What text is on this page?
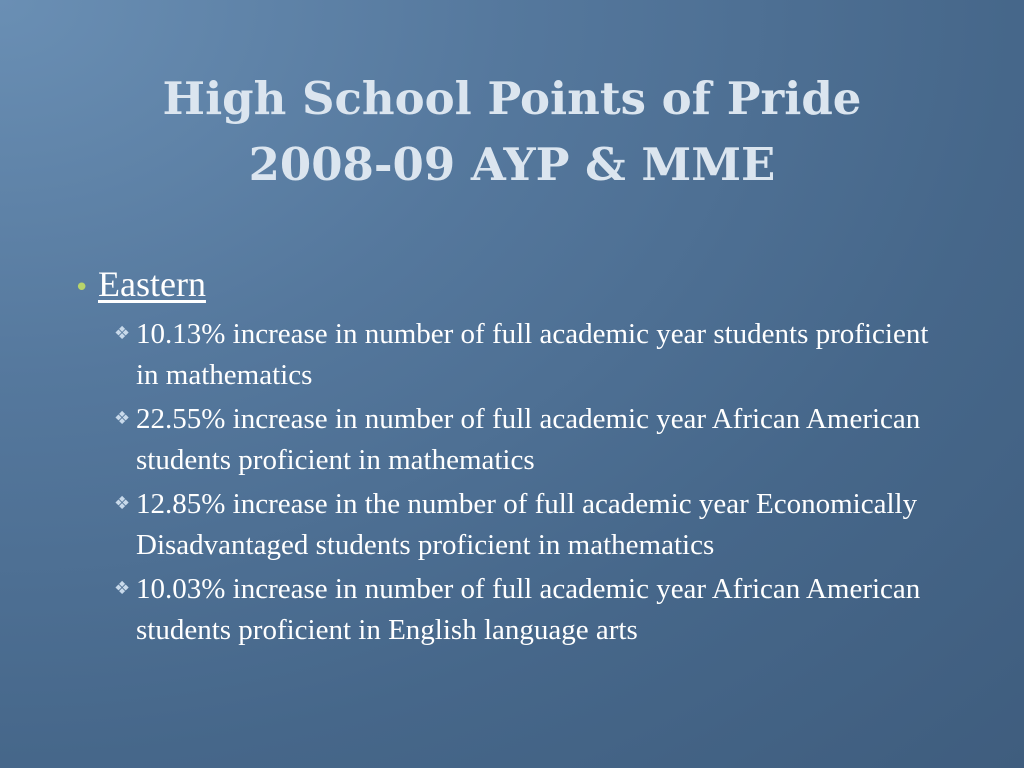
High School Points of Pride
2008-09 AYP & MME
• Eastern
❖ 10.13% increase in number of full academic year students proficient in mathematics
❖ 22.55% increase in number of full academic year African American students proficient in mathematics
❖ 12.85% increase in the number of full academic year Economically Disadvantaged students proficient in mathematics
❖ 10.03% increase in number of full academic year African American students proficient in English language arts
